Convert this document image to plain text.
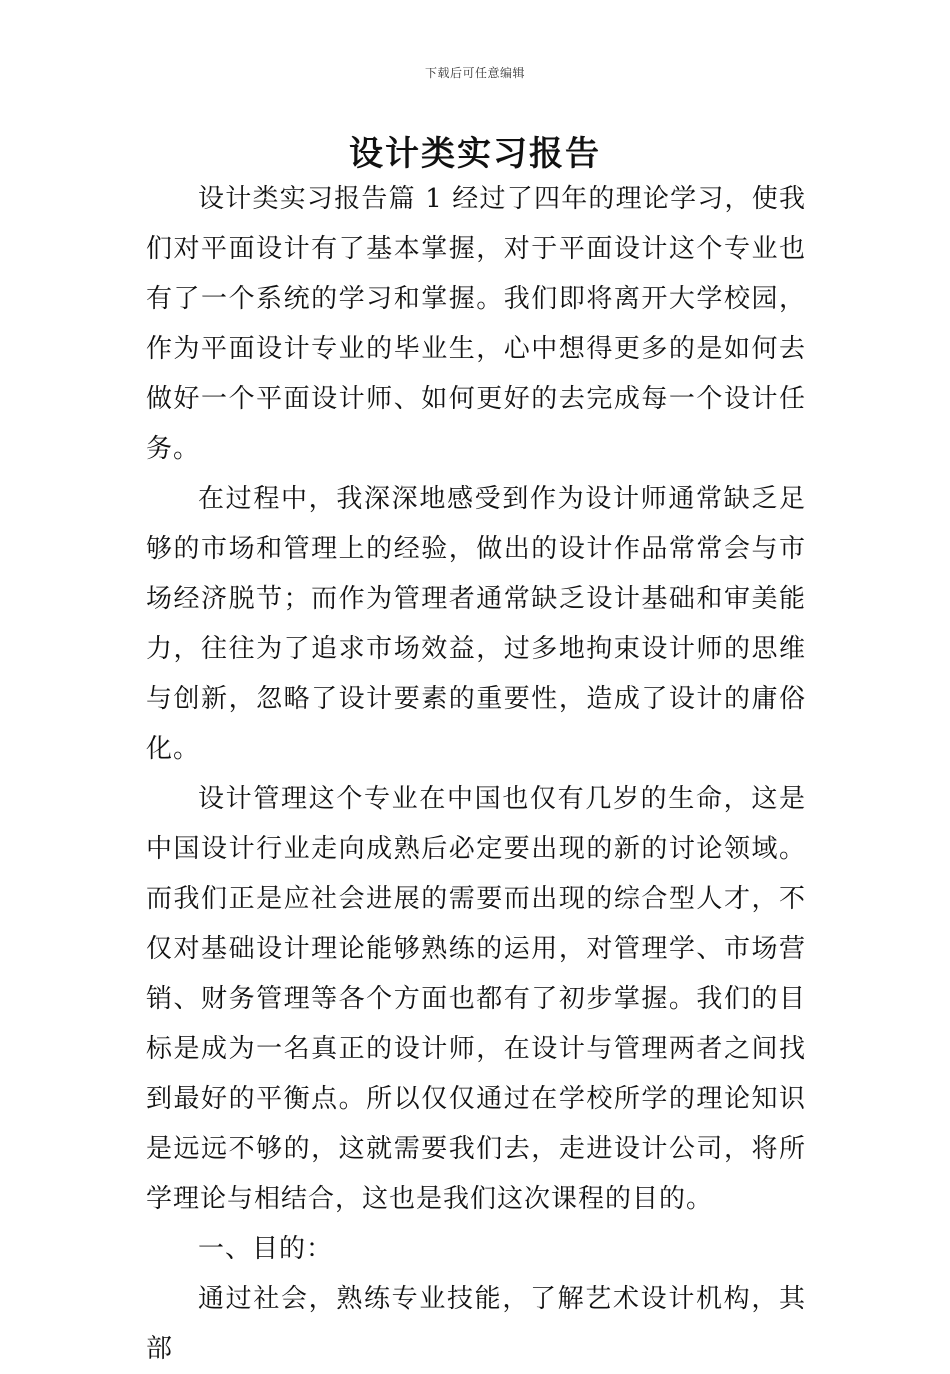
下载后可任意编辑
设计类实习报告

设计类实习报告篇 1 经过了四年的理论学习，使我们对平面设计有了基本掌握，对于平面设计这个专业也有了一个系统的学习和掌握。我们即将离开大学校园，作为平面设计专业的毕业生，心中想得更多的是如何去做好一个平面设计师、如何更好的去完成每一个设计任务。

在过程中，我深深地感受到作为设计师通常缺乏足够的市场和管理上的经验，做出的设计作品常常会与市场经济脱节；而作为管理者通常缺乏设计基础和审美能力，往往为了追求市场效益，过多地拘束设计师的思维与创新，忽略了设计要素的重要性，造成了设计的庸俗化。

设计管理这个专业在中国也仅有几岁的生命，这是中国设计行业走向成熟后必定要出现的新的讨论领域。而我们正是应社会进展的需要而出现的综合型人才，不仅对基础设计理论能够熟练的运用，对管理学、市场营销、财务管理等各个方面也都有了初步掌握。我们的目标是成为一名真正的设计师，在设计与管理两者之间找到最好的平衡点。所以仅仅通过在学校所学的理论知识是远远不够的，这就需要我们去，走进设计公司，将所学理论与相结合，这也是我们这次课程的目的。

一、目的：

通过社会，熟练专业技能，了解艺术设计机构，其部
